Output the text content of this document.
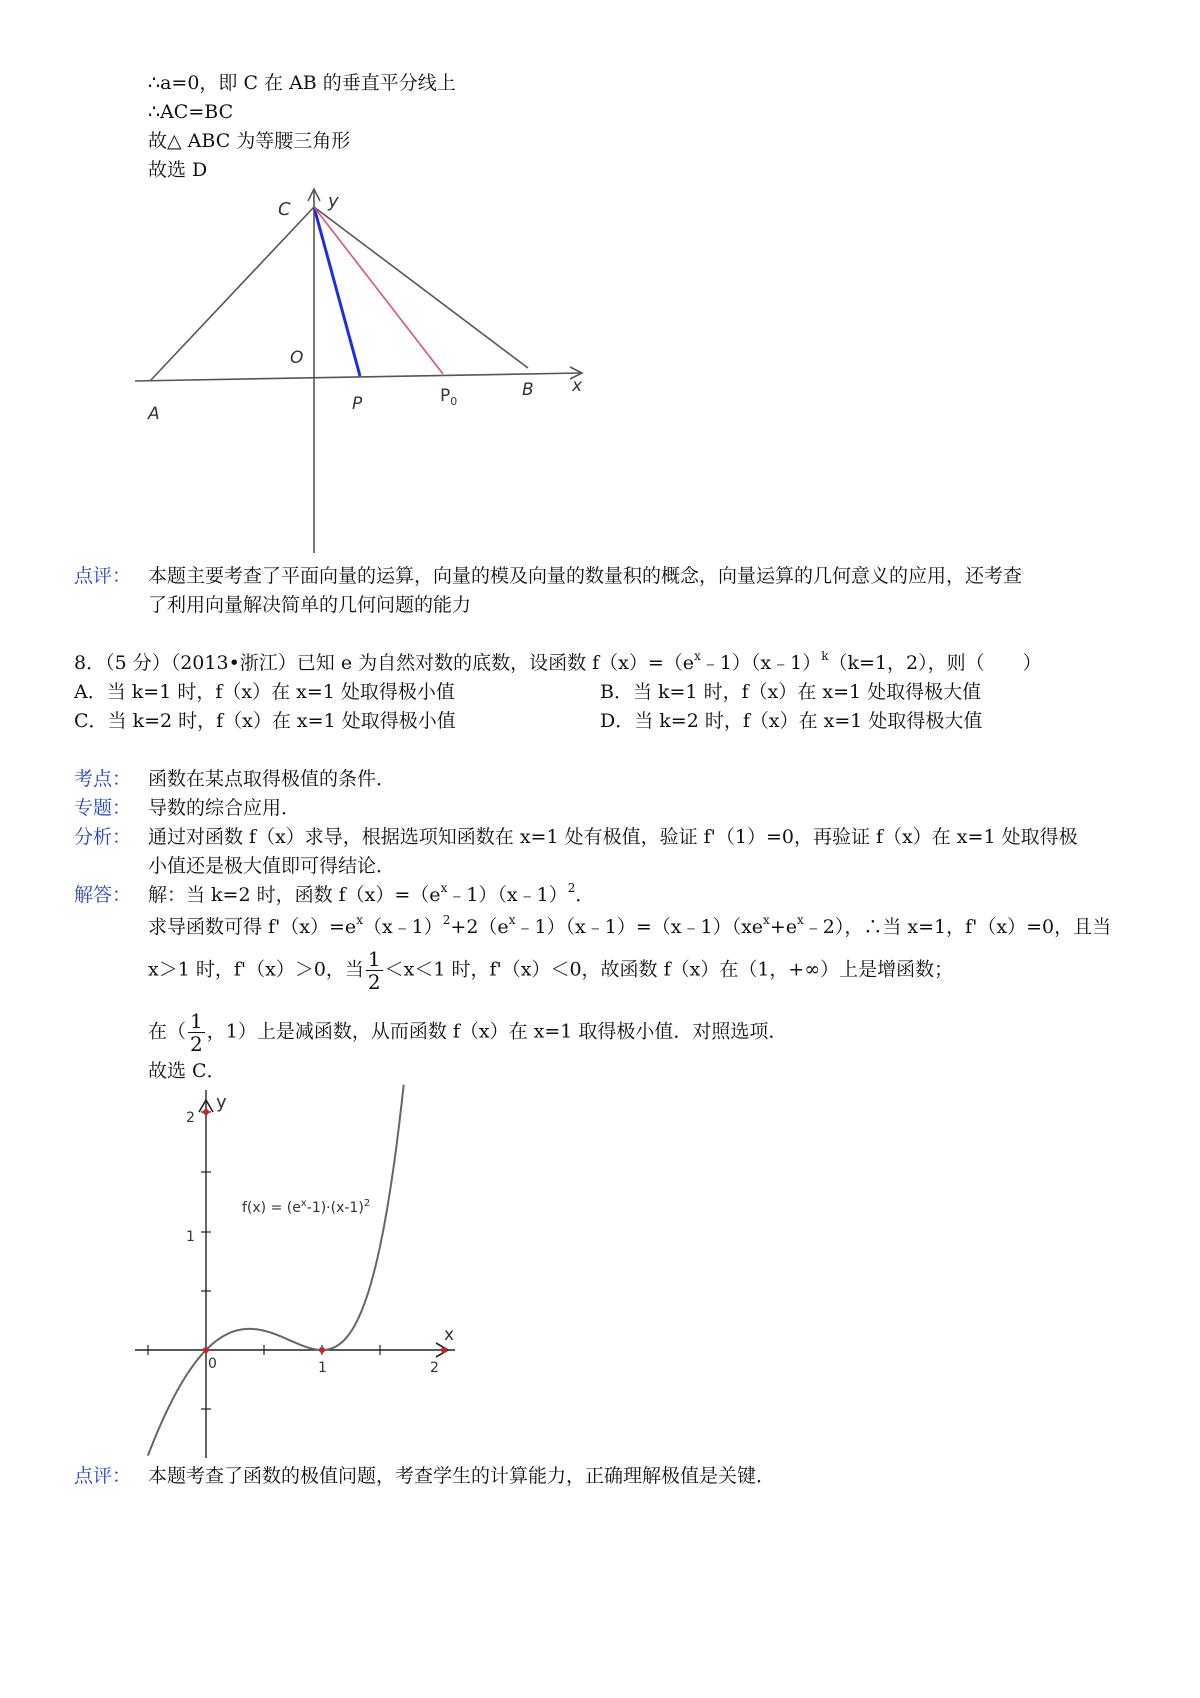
∴a=0，即 C 在 AB 的垂直平分线上
∴AC=BC
故△ ABC 为等腰三角形
故选 D
C y
O
A	P	$P_0$
B x
点评： 本题主要考查了平面向量的运算，向量的模及向量的数量积的概念，向量运算的几何意义的应用，还考查
了利用向量解决简单的几何问题的能力
8．（5 分）（2013•浙江）已知 e 为自然对数的底数，设函数 $f(x)=(e^x﹣1)(x﹣1)^k(k=1$，2），则（　　）
A．当 k=1 时，f（x）在 x=1 处取得极小值	B．当 k=1 时，f（x）在 x=1 处取得极大值
C．当 k=2 时，f（x）在 x=1 处取得极小值	D．当 k=2 时，f（x）在 x=1 处取得极大值
考点： 函数在某点取得极值的条件．
专题： 导数的综合应用．
分析： 通过对函数 f（x）求导，根据选项知函数在 x=1 处有极值，验证 f'（1）=0，再验证 f（x）在 x=1 处取得极
小值还是极大值即可得结论．
解答： 解：当 k=2 时，函数 $f(x)=(e^x﹣1)(x﹣1)^2$．
求导函数可得 $f'(x)=e^x(x﹣1)^2+2(e^x﹣1)(x﹣1)=(x﹣1)(xe^x+e^x﹣2)$，∴当 x=1，f'（x）=0，且当
x＞1 时，f'（x）＞0，当 $\frac{1}{2} <x<1$ 时，f'（x）＜0，故函数 f（x）在（1，+∞）上是增函数；
在（ $\frac{1}{2}$ ，1）上是减函数，从而函数 f（x）在 x=1 取得极小值．对照选项．
故选 C．
2
1
0	1	2
x
y
$f(x) = (e^x-1)\cdot(x-1)^2$
点评： 本题考查了函数的极值问题，考查学生的计算能力，正确理解极值是关键．
